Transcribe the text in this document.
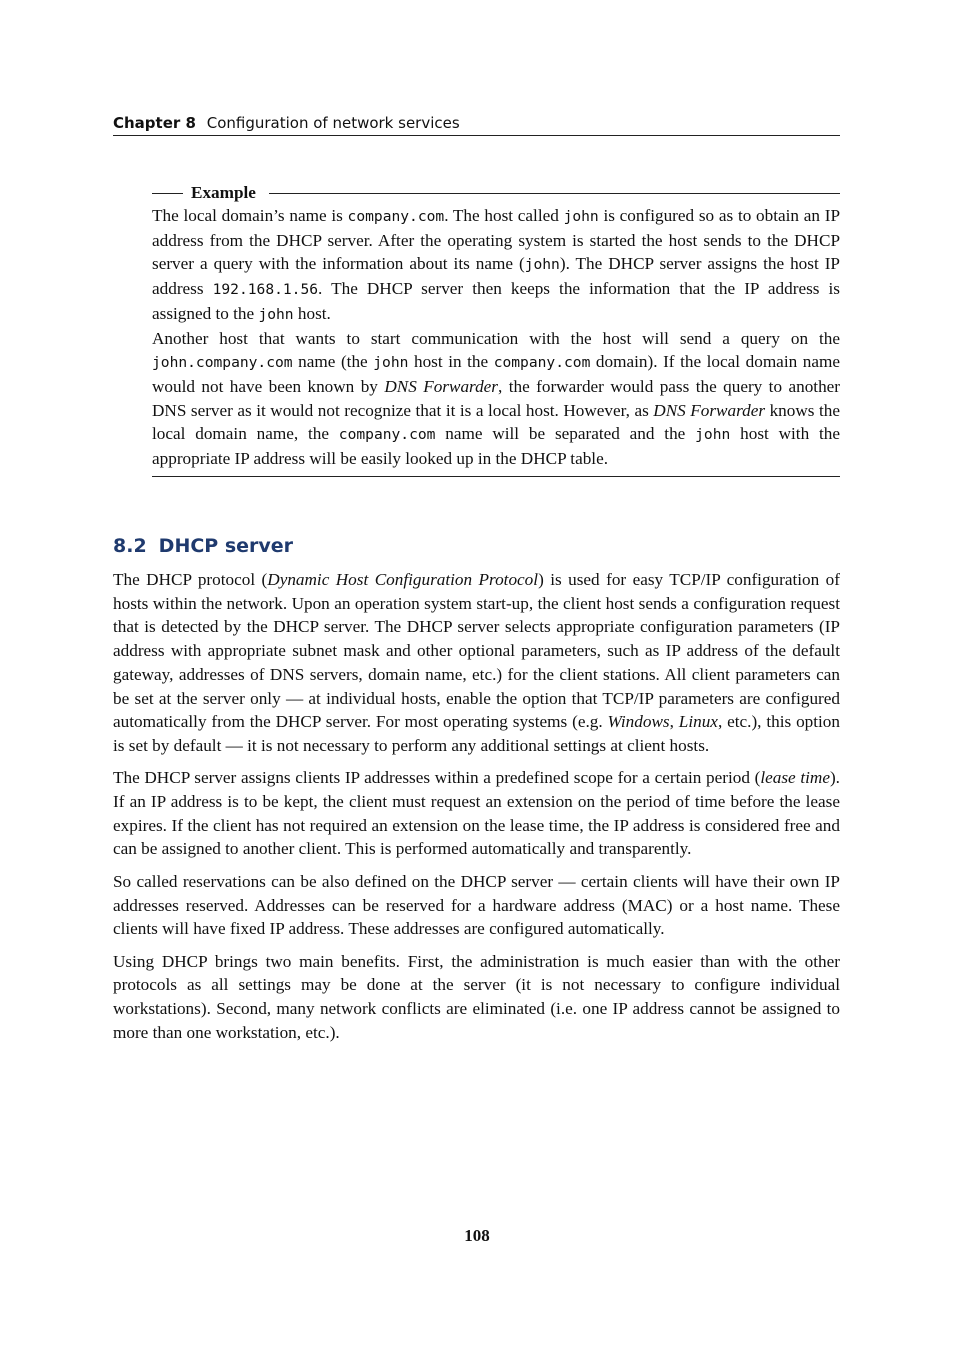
Chapter 8 Configuration of network services
Example

The local domain’s name is company.com. The host called john is configured so as to obtain an IP address from the DHCP server. After the operating system is started the host sends to the DHCP server a query with the information about its name (john). The DHCP server assigns the host IP address 192.168.1.56. The DHCP server then keeps the information that the IP address is assigned to the john host.

Another host that wants to start communication with the host will send a query on the john.company.com name (the john host in the company.com domain). If the local domain name would not have been known by DNS Forwarder, the forwarder would pass the query to another DNS server as it would not recognize that it is a local host. However, as DNS Forwarder knows the local domain name, the company.com name will be separated and the john host with the appropriate IP address will be easily looked up in the DHCP table.

8.2 DHCP server

The DHCP protocol (Dynamic Host Configuration Protocol) is used for easy TCP/IP configuration of hosts within the network. Upon an operation system start-up, the client host sends a configuration request that is detected by the DHCP server. The DHCP server selects appropriate configuration parameters (IP address with appropriate subnet mask and other optional parameters, such as IP address of the default gateway, addresses of DNS servers, domain name, etc.) for the client stations. All client parameters can be set at the server only — at individual hosts, enable the option that TCP/IP parameters are configured automatically from the DHCP server. For most operating systems (e.g. Windows, Linux, etc.), this option is set by default — it is not necessary to perform any additional settings at client hosts.

The DHCP server assigns clients IP addresses within a predefined scope for a certain period (lease time). If an IP address is to be kept, the client must request an extension on the period of time before the lease expires. If the client has not required an extension on the lease time, the IP address is considered free and can be assigned to another client. This is performed automatically and transparently.

So called reservations can be also defined on the DHCP server — certain clients will have their own IP addresses reserved. Addresses can be reserved for a hardware address (MAC) or a host name. These clients will have fixed IP address. These addresses are configured automatically.

Using DHCP brings two main benefits. First, the administration is much easier than with the other protocols as all settings may be done at the server (it is not necessary to configure individual workstations). Second, many network conflicts are eliminated (i.e. one IP address cannot be assigned to more than one workstation, etc.).

108
